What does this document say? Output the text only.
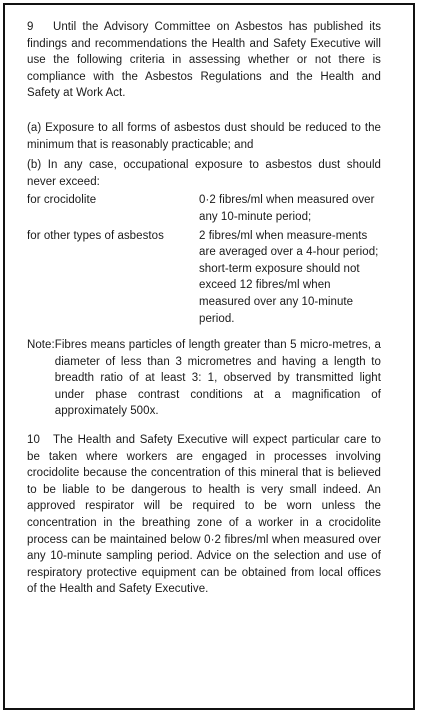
9 Until the Advisory Committee on Asbestos has published its findings and recommendations the Health and Safety Executive will use the following criteria in assessing whether or not there is compliance with the Asbestos Regulations and the Health and Safety at Work Act.

(a) Exposure to all forms of asbestos dust should be reduced to the minimum that is reasonably practicable; and

(b) In any case, occupational exposure to asbestos dust should never exceed:

for crocidolite	0·2 fibres/ml when measured over any 10-minute period;
for other types of asbestos	2 fibres/ml when measure-ments are averaged over a 4-hour period; short-term exposure should not exceed 12 fibres/ml when measured over any 10-minute period.
Note: Fibres means particles of length greater than 5 micro-metres, a diameter of less than 3 micrometres and having a length to breadth ratio of at least 3: 1, observed by transmitted light under phase contrast conditions at a magnification of approximately 500x.

10 The Health and Safety Executive will expect particular care to be taken where workers are engaged in processes involving crocidolite because the concentration of this mineral that is believed to be liable to be dangerous to health is very small indeed. An approved respirator will be required to be worn unless the concentration in the breathing zone of a worker in a crocidolite process can be maintained below 0·2 fibres/ml when measured over any 10-minute sampling period. Advice on the selection and use of respiratory protective equipment can be obtained from local offices of the Health and Safety Executive.
